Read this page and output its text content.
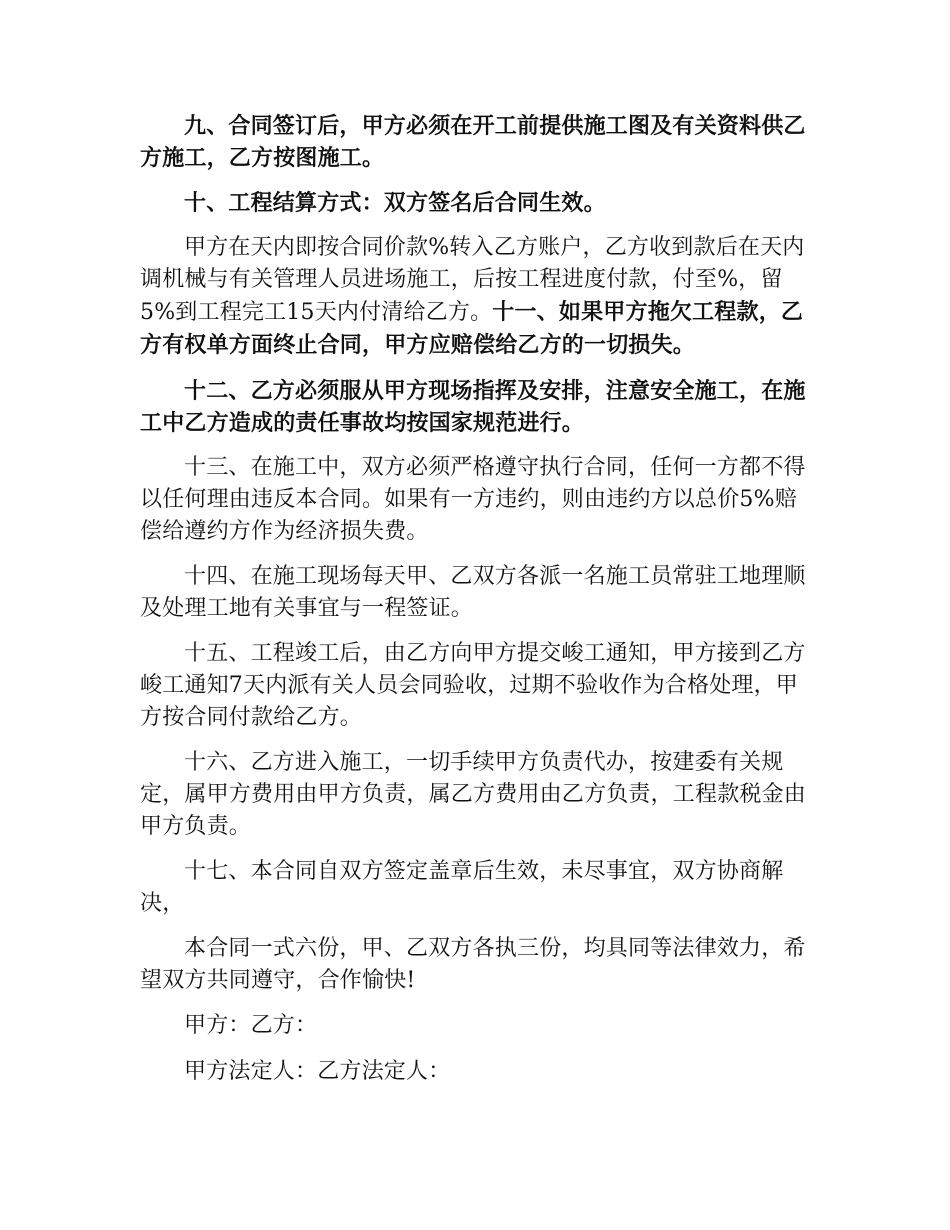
九、合同签订后，甲方必须在开工前提供施工图及有关资料供乙方施工，乙方按图施工。

十、工程结算方式：双方签名后合同生效。

甲方在天内即按合同价款%转入乙方账户，乙方收到款后在天内调机械与有关管理人员进场施工，后按工程进度付款，付至%，留5%到工程完工15天内付清给乙方。十一、如果甲方拖欠工程款，乙方有权单方面终止合同，甲方应赔偿给乙方的一切损失。

十二、乙方必须服从甲方现场指挥及安排，注意安全施工，在施工中乙方造成的责任事故均按国家规范进行。

十三、在施工中，双方必须严格遵守执行合同，任何一方都不得以任何理由违反本合同。如果有一方违约，则由违约方以总价5%赔偿给遵约方作为经济损失费。

十四、在施工现场每天甲、乙双方各派一名施工员常驻工地理顺及处理工地有关事宜与一程签证。

十五、工程竣工后，由乙方向甲方提交峻工通知，甲方接到乙方峻工通知7天内派有关人员会同验收，过期不验收作为合格处理，甲方按合同付款给乙方。

十六、乙方进入施工，一切手续甲方负责代办，按建委有关规定，属甲方费用由甲方负责，属乙方费用由乙方负责，工程款税金由甲方负责。

十七、本合同自双方签定盖章后生效，未尽事宜，双方协商解决，

本合同一式六份，甲、乙双方各执三份，均具同等法律效力，希望双方共同遵守，合作愉快!

甲方：乙方：

甲方法定人：乙方法定人：
